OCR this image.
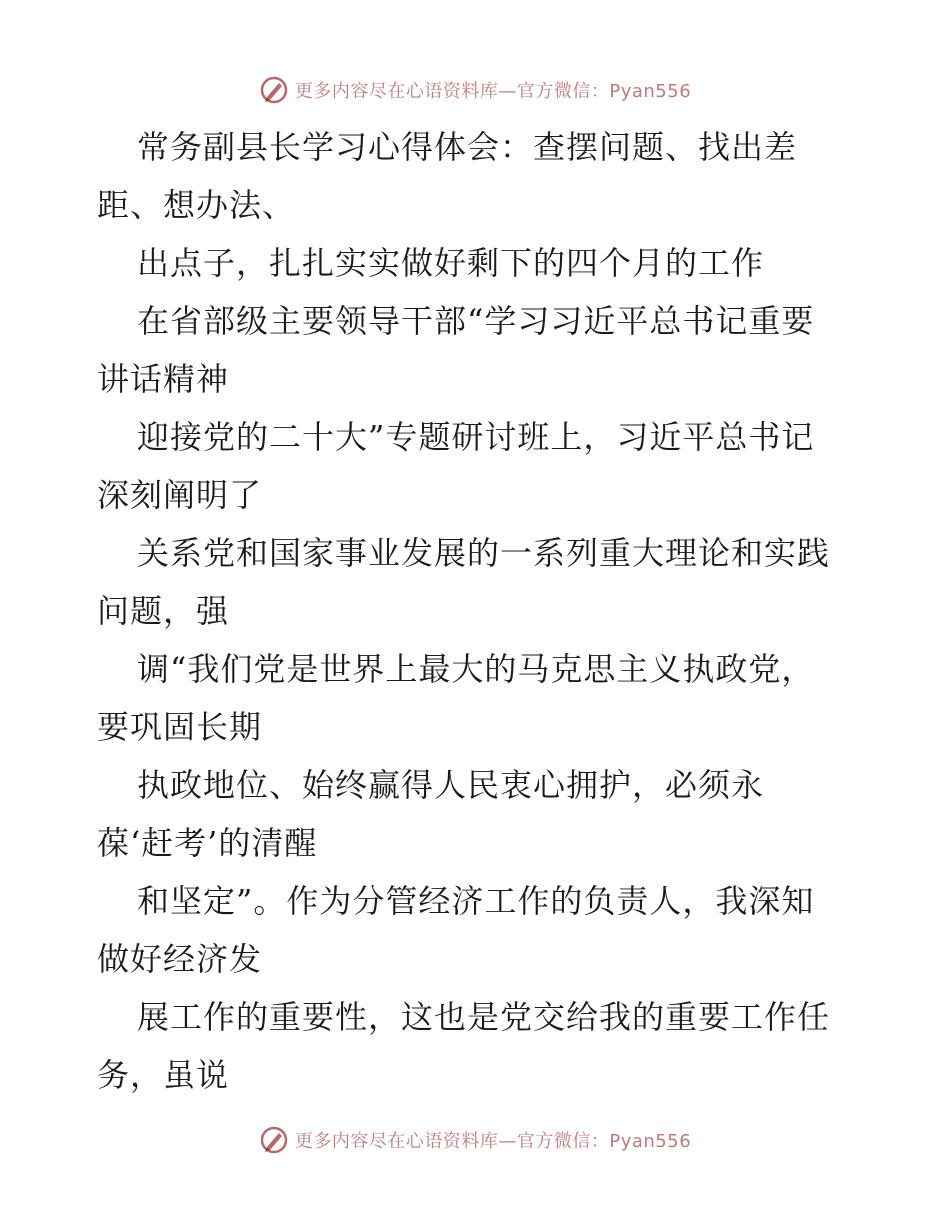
更多内容尽在心语资料库—官方微信：Pyan556
常务副县长学习心得体会：查摆问题、找出差
距、想办法、
出点子，扎扎实实做好剩下的四个月的工作
在省部级主要领导干部“学习习近平总书记重要
讲话精神
迎接党的二十大”专题研讨班上，习近平总书记
深刻阐明了
关系党和国家事业发展的一系列重大理论和实践
问题，强
调“我们党是世界上最大的马克思主义执政党，
要巩固长期
执政地位、始终赢得人民衷心拥护，必须永
葆‘赶考’的清醒
和坚定”。作为分管经济工作的负责人，我深知
做好经济发
展工作的重要性，这也是党交给我的重要工作任
务，虽说
更多内容尽在心语资料库—官方微信：Pyan556
